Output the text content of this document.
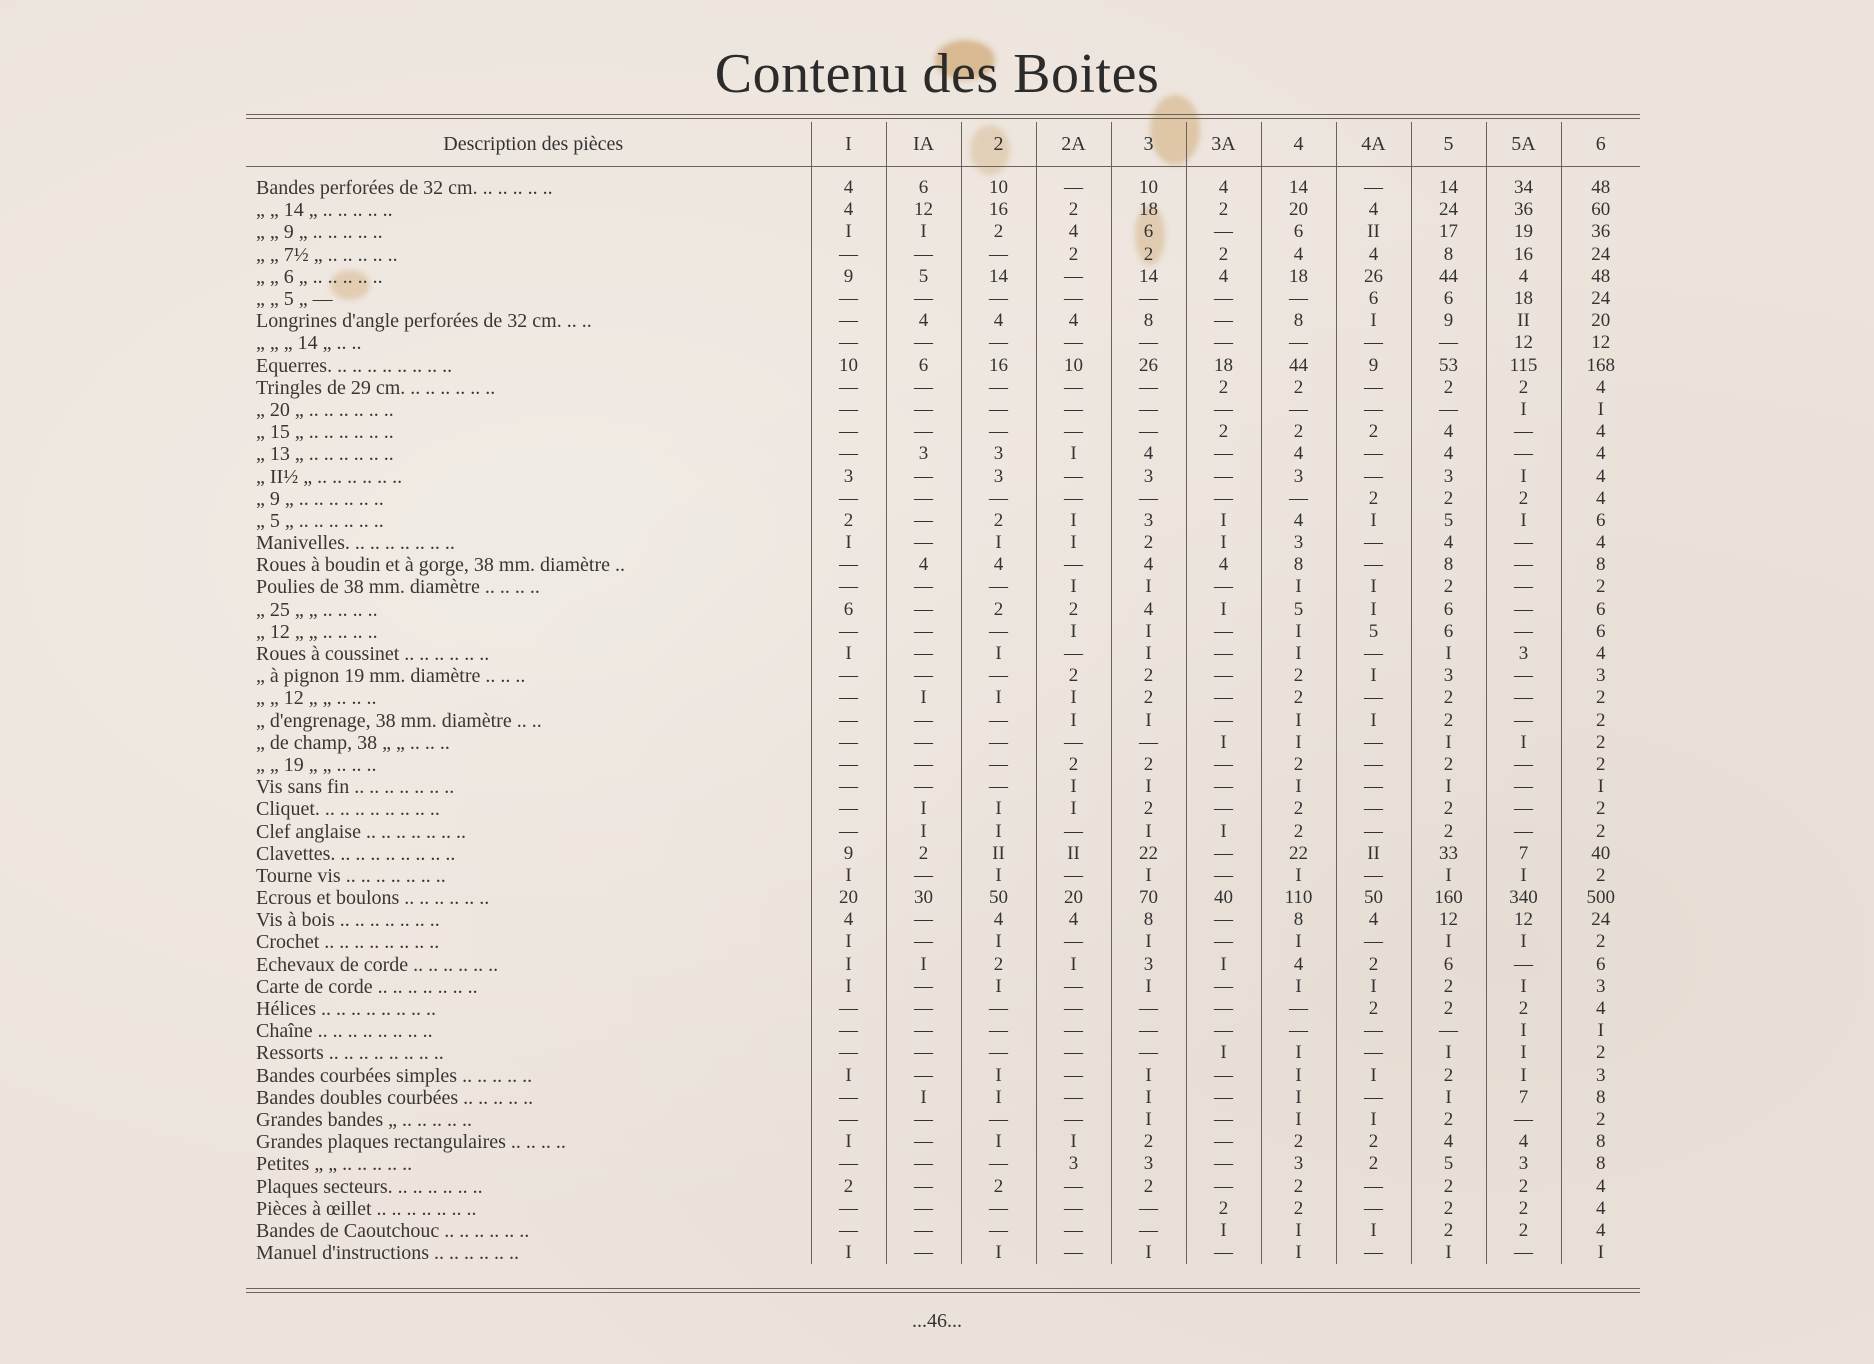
Contenu des Boites
Description des pièces	I	IA	2	2A	3	3A	4	4A	5	5A	6

Bandes perforées de 32 cm. .. .. .. .. ..	4	6	10	—	10	4	14	—	14	34	48
„ „ 14 „ .. .. .. .. ..	4	12	16	2	18	2	20	4	24	36	60
„ „ 9 „ .. .. .. .. ..	I	I	2	4	6	—	6	II	17	19	36
„ „ 7½ „ .. .. .. .. ..	—	—	—	2	2	2	4	4	8	16	24
„ „ 6 „ .. .. .. .. ..	9	5	14	—	14	4	18	26	44	4	48
„ „ 5 „ —	—	—	—	—	—	—	—	6	6	18	24
Longrines d'angle perforées de 32 cm. .. ..	—	4	4	4	8	—	8	I	9	II	20
„ „ „ 14 „ .. ..	—	—	—	—	—	—	—	—	—	12	12
Equerres. .. .. .. .. .. .. .. ..	10	6	16	10	26	18	44	9	53	115	168
Tringles de 29 cm. .. .. .. .. .. ..	—	—	—	—	—	2	2	—	2	2	4
„ 20 „ .. .. .. .. .. ..	—	—	—	—	—	—	—	—	—	I	I
„ 15 „ .. .. .. .. .. ..	—	—	—	—	—	2	2	2	4	—	4
„ 13 „ .. .. .. .. .. ..	—	3	3	I	4	—	4	—	4	—	4
„ II½ „ .. .. .. .. .. ..	3	—	3	—	3	—	3	—	3	I	4
„ 9 „ .. .. .. .. .. ..	—	—	—	—	—	—	—	2	2	2	4
„ 5 „ .. .. .. .. .. ..	2	—	2	I	3	I	4	I	5	I	6
Manivelles. .. .. .. .. .. .. ..	I	—	I	I	2	I	3	—	4	—	4
Roues à boudin et à gorge, 38 mm. diamètre ..	—	4	4	—	4	4	8	—	8	—	8
Poulies de 38 mm. diamètre .. .. .. ..	—	—	—	I	I	—	I	I	2	—	2
„ 25 „ „ .. .. .. ..	6	—	2	2	4	I	5	I	6	—	6
„ 12 „ „ .. .. .. ..	—	—	—	I	I	—	I	5	6	—	6
Roues à coussinet .. .. .. .. .. ..	I	—	I	—	I	—	I	—	I	3	4
„ à pignon 19 mm. diamètre .. .. ..	—	—	—	2	2	—	2	I	3	—	3
„ „ 12 „ „ .. .. ..	—	I	I	I	2	—	2	—	2	—	2
„ d'engrenage, 38 mm. diamètre .. ..	—	—	—	I	I	—	I	I	2	—	2
„ de champ, 38 „ „ .. .. ..	—	—	—	—	—	I	I	—	I	I	2
„ „ 19 „ „ .. .. ..	—	—	—	2	2	—	2	—	2	—	2
Vis sans fin .. .. .. .. .. .. ..	—	—	—	I	I	—	I	—	I	—	I
Cliquet. .. .. .. .. .. .. .. ..	—	I	I	I	2	—	2	—	2	—	2
Clef anglaise .. .. .. .. .. .. ..	—	I	I	—	I	I	2	—	2	—	2
Clavettes. .. .. .. .. .. .. .. ..	9	2	II	II	22	—	22	II	33	7	40
Tourne vis .. .. .. .. .. .. ..	I	—	I	—	I	—	I	—	I	I	2
Ecrous et boulons .. .. .. .. .. ..	20	30	50	20	70	40	110	50	160	340	500
Vis à bois .. .. .. .. .. .. ..	4	—	4	4	8	—	8	4	12	12	24
Crochet .. .. .. .. .. .. .. ..	I	—	I	—	I	—	I	—	I	I	2
Echevaux de corde .. .. .. .. .. ..	I	I	2	I	3	I	4	2	6	—	6
Carte de corde .. .. .. .. .. .. ..	I	—	I	—	I	—	I	I	2	I	3
Hélices .. .. .. .. .. .. .. ..	—	—	—	—	—	—	—	2	2	2	4
Chaîne .. .. .. .. .. .. .. ..	—	—	—	—	—	—	—	—	—	I	I
Ressorts .. .. .. .. .. .. .. ..	—	—	—	—	—	I	I	—	I	I	2
Bandes courbées simples .. .. .. .. ..	I	—	I	—	I	—	I	I	2	I	3
Bandes doubles courbées .. .. .. .. ..	—	I	I	—	I	—	I	—	I	7	8
Grandes bandes „ .. .. .. .. ..	—	—	—	—	I	—	I	I	2	—	2
Grandes plaques rectangulaires .. .. .. ..	I	—	I	I	2	—	2	2	4	4	8
Petites „ „ .. .. .. .. ..	—	—	—	3	3	—	3	2	5	3	8
Plaques secteurs. .. .. .. .. .. ..	2	—	2	—	2	—	2	—	2	2	4
Pièces à œillet .. .. .. .. .. .. ..	—	—	—	—	—	2	2	—	2	2	4
Bandes de Caoutchouc .. .. .. .. .. ..	—	—	—	—	—	I	I	I	2	2	4
Manuel d'instructions .. .. .. .. .. ..	I	—	I	—	I	—	I	—	I	—	I
...46...
